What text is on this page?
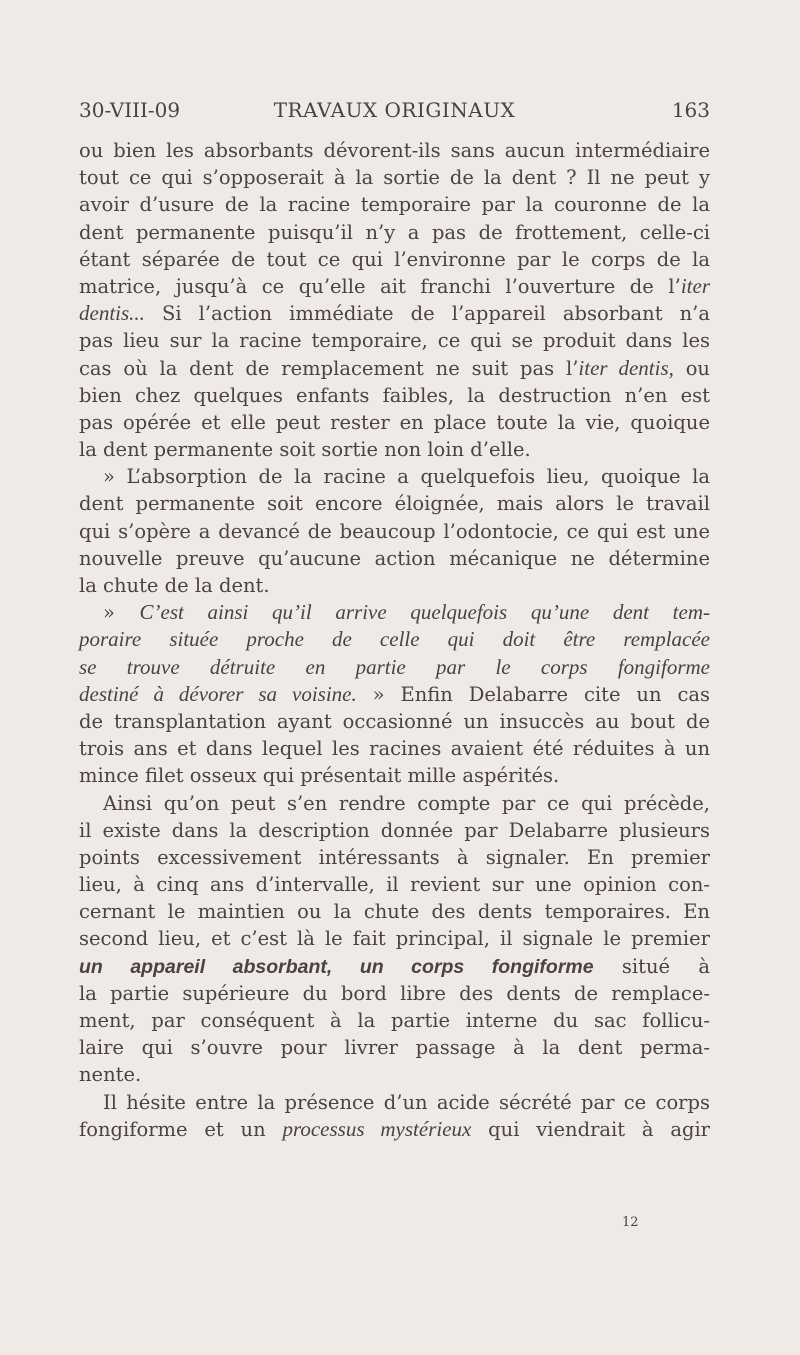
30-VIII-09	TRAVAUX ORIGINAUX	163
ou bien les absorbants dévorent-ils sans aucun intermédiaire
tout ce qui s’opposerait à la sortie de la dent ? Il ne peut y
avoir d’usure de la racine temporaire par la couronne de la
dent permanente puisqu’il n’y a pas de frottement, celle-ci
étant séparée de tout ce qui l’environne par le corps de la
matrice, jusqu’à ce qu’elle ait franchi l’ouverture de l’iter
dentis... Si l’action immédiate de l’appareil absorbant n’a
pas lieu sur la racine temporaire, ce qui se produit dans les
cas où la dent de remplacement ne suit pas l’iter dentis, ou
bien chez quelques enfants faibles, la destruction n’en est
pas opérée et elle peut rester en place toute la vie, quoique
la dent permanente soit sortie non loin d’elle.
» L’absorption de la racine a quelquefois lieu, quoique la
dent permanente soit encore éloignée, mais alors le travail
qui s’opère a devancé de beaucoup l’odontocie, ce qui est une
nouvelle preuve qu’aucune action mécanique ne détermine
la chute de la dent.
» C’est ainsi qu’il arrive quelquefois qu’une dent tem-
poraire située proche de celle qui doit être remplacée
se trouve détruite en partie par le corps fongiforme
destiné à dévorer sa voisine. » Enfin Delabarre cite un cas
de transplantation ayant occasionné un insuccès au bout de
trois ans et dans lequel les racines avaient été réduites à un
mince filet osseux qui présentait mille aspérités.
Ainsi qu’on peut s’en rendre compte par ce qui précède,
il existe dans la description donnée par Delabarre plusieurs
points excessivement intéressants à signaler. En premier
lieu, à cinq ans d’intervalle, il revient sur une opinion con-
cernant le maintien ou la chute des dents temporaires. En
second lieu, et c’est là le fait principal, il signale le premier
un appareil absorbant, un corps fongiforme situé à
la partie supérieure du bord libre des dents de remplace-
ment, par conséquent à la partie interne du sac follicu-
laire qui s’ouvre pour livrer passage à la dent perma-
nente.
Il hésite entre la présence d’un acide sécrété par ce corps
fongiforme et un processus mystérieux qui viendrait à agir
12
